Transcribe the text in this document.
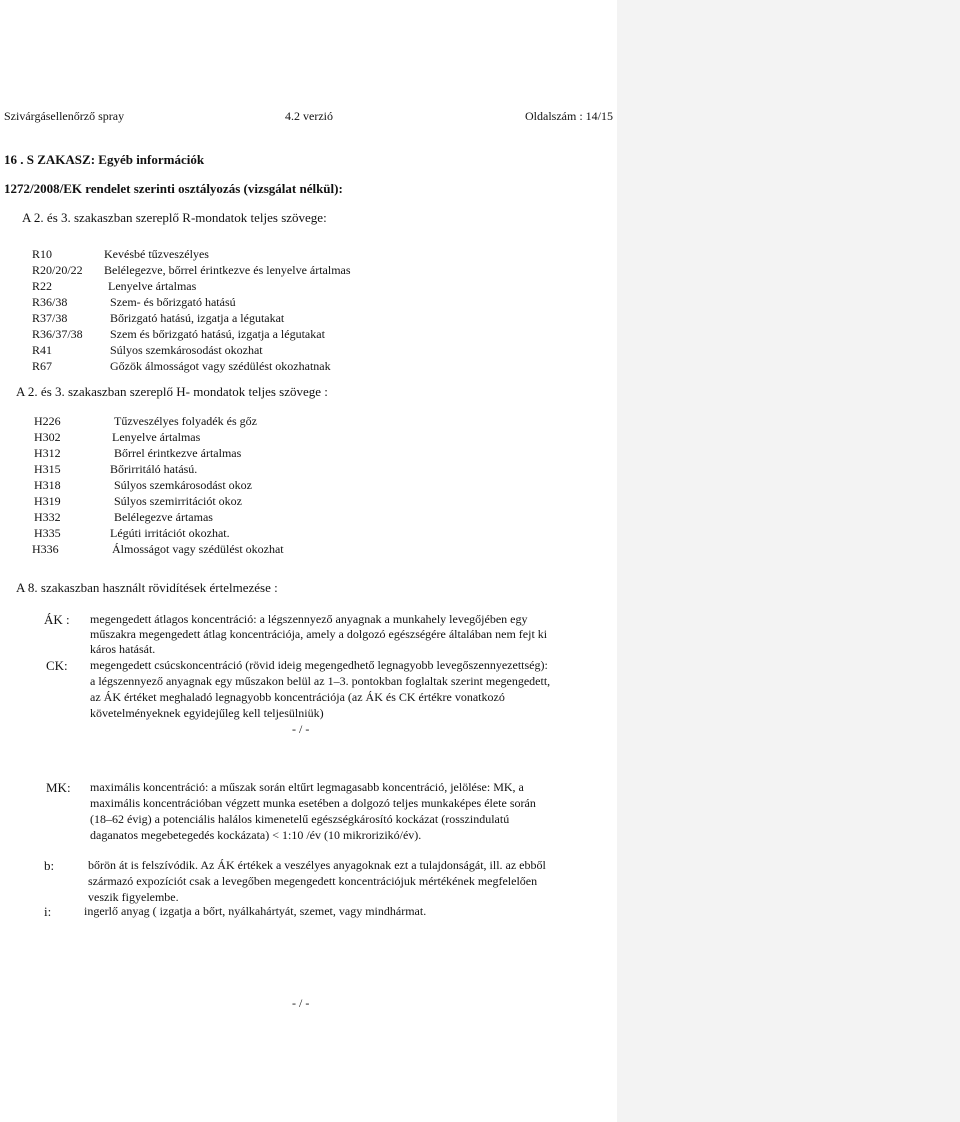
Szivárgásellenőrző spray	4.2 verzió	Oldalszám : 14/15
16 . S ZAKASZ: Egyéb információk
1272/2008/EK rendelet szerinti osztályozás (vizsgálat nélkül):
A 2. és 3. szakaszban szereplő R-mondatok teljes szövege:
R10	Kevésbé tűzveszélyes
R20/20/22 Belélegezve, bőrrel érintkezve és lenyelve ártalmas
R22	Lenyelve ártalmas
R36/38	Szem- és bőrizgató hatású
R37/38	Bőrizgató hatású, izgatja a légutakat
R36/37/38 Szem és bőrizgató hatású, izgatja a légutakat
R41	Súlyos szemkárosodást okozhat
R67	Gőzök álmosságot vagy szédülést okozhatnak
A 2. és 3. szakaszban szereplő H- mondatok teljes szövege :
H226	Tűzveszélyes folyadék és gőz
H302	Lenyelve ártalmas
H312	Bőrrel érintkezve ártalmas
H315	Bőrirritáló hatású.
H318	Súlyos szemkárosodást okoz
H319	Súlyos szemirritációt okoz
H332	Belélegezve ártamas
H335	Légúti irritációt okozhat.
H336	Álmosságot vagy szédülést okozhat
A 8. szakaszban használt rövidítések értelmezése :
ÁK : megengedett átlagos koncentráció: a légszennyező anyagnak a munkahely levegőjében egy
műszakra megengedett átlag koncentrációja, amely a dolgozó egészségére általában nem fejt ki
káros hatását.
CK: megengedett csúcskoncentráció (rövid ideig megengedhető legnagyobb levegőszennyezettség):
a légszennyező anyagnak egy műszakon belül az 1–3. pontokban foglaltak szerint megengedett,
az ÁK értéket meghaladó legnagyobb koncentrációja (az ÁK és CK értékre vonatkozó
követelményeknek egyidejűleg kell teljesülniük)
- / -
MK: maximális koncentráció: a műszak során eltűrt legmagasabb koncentráció, jelölése: MK, a
maximális koncentrációban végzett munka esetében a dolgozó teljes munkaképes élete során
(18–62 évig) a potenciális halálos kimenetelű egészségkárosító kockázat (rosszindulatú
daganatos megebetegedés kockázata) < 1:10 /év (10 mikrorizikó/év).
b:	bőrön át is felszívódik. Az ÁK értékek a veszélyes anyagoknak ezt a tulajdonságát, ill. az ebből
származó expozíciót csak a levegőben megengedett koncentrációjuk mértékének megfelelően
veszik figyelembe.
i:	ingerlő anyag ( izgatja a bőrt, nyálkahártyát, szemet, vagy mindhármat.
- / -
